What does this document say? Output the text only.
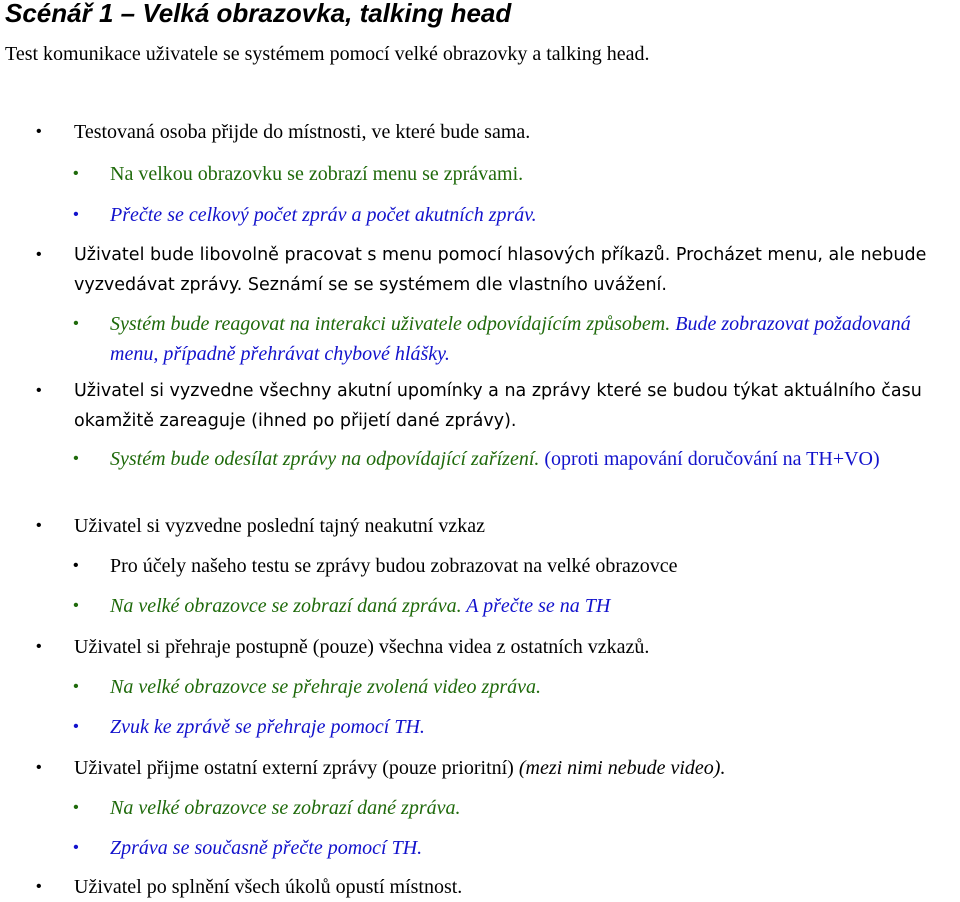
Scénář 1 – Velká obrazovka, talking head

Test komunikace uživatele se systémem pomocí velké obrazovky a talking head.

• Testovaná osoba přijde do místnosti, ve které bude sama.
• Na velkou obrazovku se zobrazí menu se zprávami.
• Přečte se celkový počet zpráv a počet akutních zpráv.
• Uživatel bude libovolně pracovat s menu pomocí hlasových příkazů. Procházet menu, ale nebude vyzvedávat zprávy. Seznámí se se systémem dle vlastního uvážení.
• Systém bude reagovat na interakci uživatele odpovídajícím způsobem. Bude zobrazovat požadovaná menu, případně přehrávat chybové hlášky.
• Uživatel si vyzvedne všechny akutní upomínky a na zprávy které se budou týkat aktuálního času okamžitě zareaguje (ihned po přijetí dané zprávy).
• Systém bude odesílat zprávy na odpovídající zařízení. (oproti mapování doručování na TH+VO)
• Uživatel si vyzvedne poslední tajný neakutní vzkaz
• Pro účely našeho testu se zprávy budou zobrazovat na velké obrazovce
• Na velké obrazovce se zobrazí daná zpráva. A přečte se na TH
• Uživatel si přehraje postupně (pouze) všechna videa z ostatních vzkazů.
• Na velké obrazovce se přehraje zvolená video zpráva.
• Zvuk ke zprávě se přehraje pomocí TH.
• Uživatel přijme ostatní externí zprávy (pouze prioritní) (mezi nimi nebude video).
• Na velké obrazovce se zobrazí dané zpráva.
• Zpráva se současně přečte pomocí TH.
• Uživatel po splnění všech úkolů opustí místnost.
